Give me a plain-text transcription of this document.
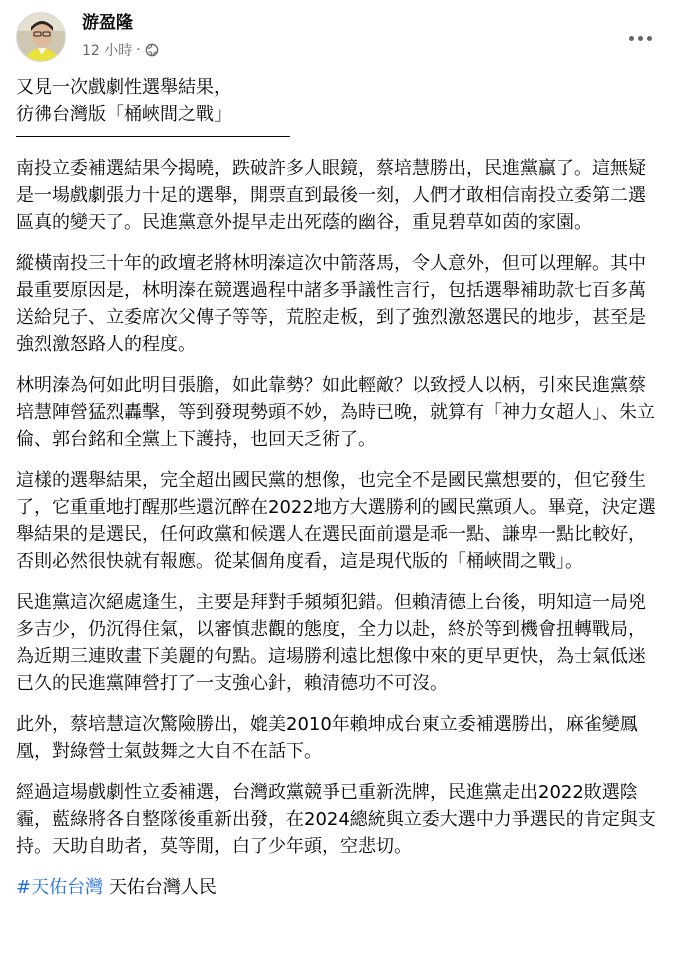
游盈隆
12 小時 ·

又見一次戲劇性選舉結果，
彷彿台灣版「桶峽間之戰」

南投立委補選結果今揭曉，跌破許多人眼鏡，蔡培慧勝出，民進黨贏了。這無疑是一場戲劇張力十足的選舉，開票直到最後一刻，人們才敢相信南投立委第二選區真的變天了。民進黨意外提早走出死蔭的幽谷，重見碧草如茵的家園。

縱橫南投三十年的政壇老將林明溱這次中箭落馬，令人意外，但可以理解。其中最重要原因是，林明溱在競選過程中諸多爭議性言行，包括選舉補助款七百多萬送給兒子、立委席次父傳子等等，荒腔走板，到了強烈激怒選民的地步，甚至是強烈激怒路人的程度。

林明溱為何如此明目張膽，如此靠勢？如此輕敵？以致授人以柄，引來民進黨蔡培慧陣營猛烈轟擊，等到發現勢頭不妙，為時已晚，就算有「神力女超人」、朱立倫、郭台銘和全黨上下護持，也回天乏術了。

這樣的選舉結果，完全超出國民黨的想像，也完全不是國民黨想要的，但它發生了，它重重地打醒那些還沉醉在2022地方大選勝利的國民黨頭人。畢竟，決定選舉結果的是選民，任何政黨和候選人在選民面前還是乖一點、謙卑一點比較好，否則必然很快就有報應。從某個角度看，這是現代版的「桶峽間之戰」。

民進黨這次絕處逢生，主要是拜對手頻頻犯錯。但賴清德上台後，明知這一局兇多吉少，仍沉得住氣，以審慎悲觀的態度，全力以赴，終於等到機會扭轉戰局，為近期三連敗畫下美麗的句點。這場勝利遠比想像中來的更早更快，為士氣低迷已久的民進黨陣營打了一支強心針，賴清德功不可沒。

此外，蔡培慧這次驚險勝出，媲美2010年賴坤成台東立委補選勝出，麻雀變鳳凰，對綠營士氣鼓舞之大自不在話下。

經過這場戲劇性立委補選，台灣政黨競爭已重新洗牌，民進黨走出2022敗選陰霾，藍綠將各自整隊後重新出發，在2024總統與立委大選中力爭選民的肯定與支持。天助自助者，莫等閒，白了少年頭，空悲切。

#天佑台灣 天佑台灣人民
